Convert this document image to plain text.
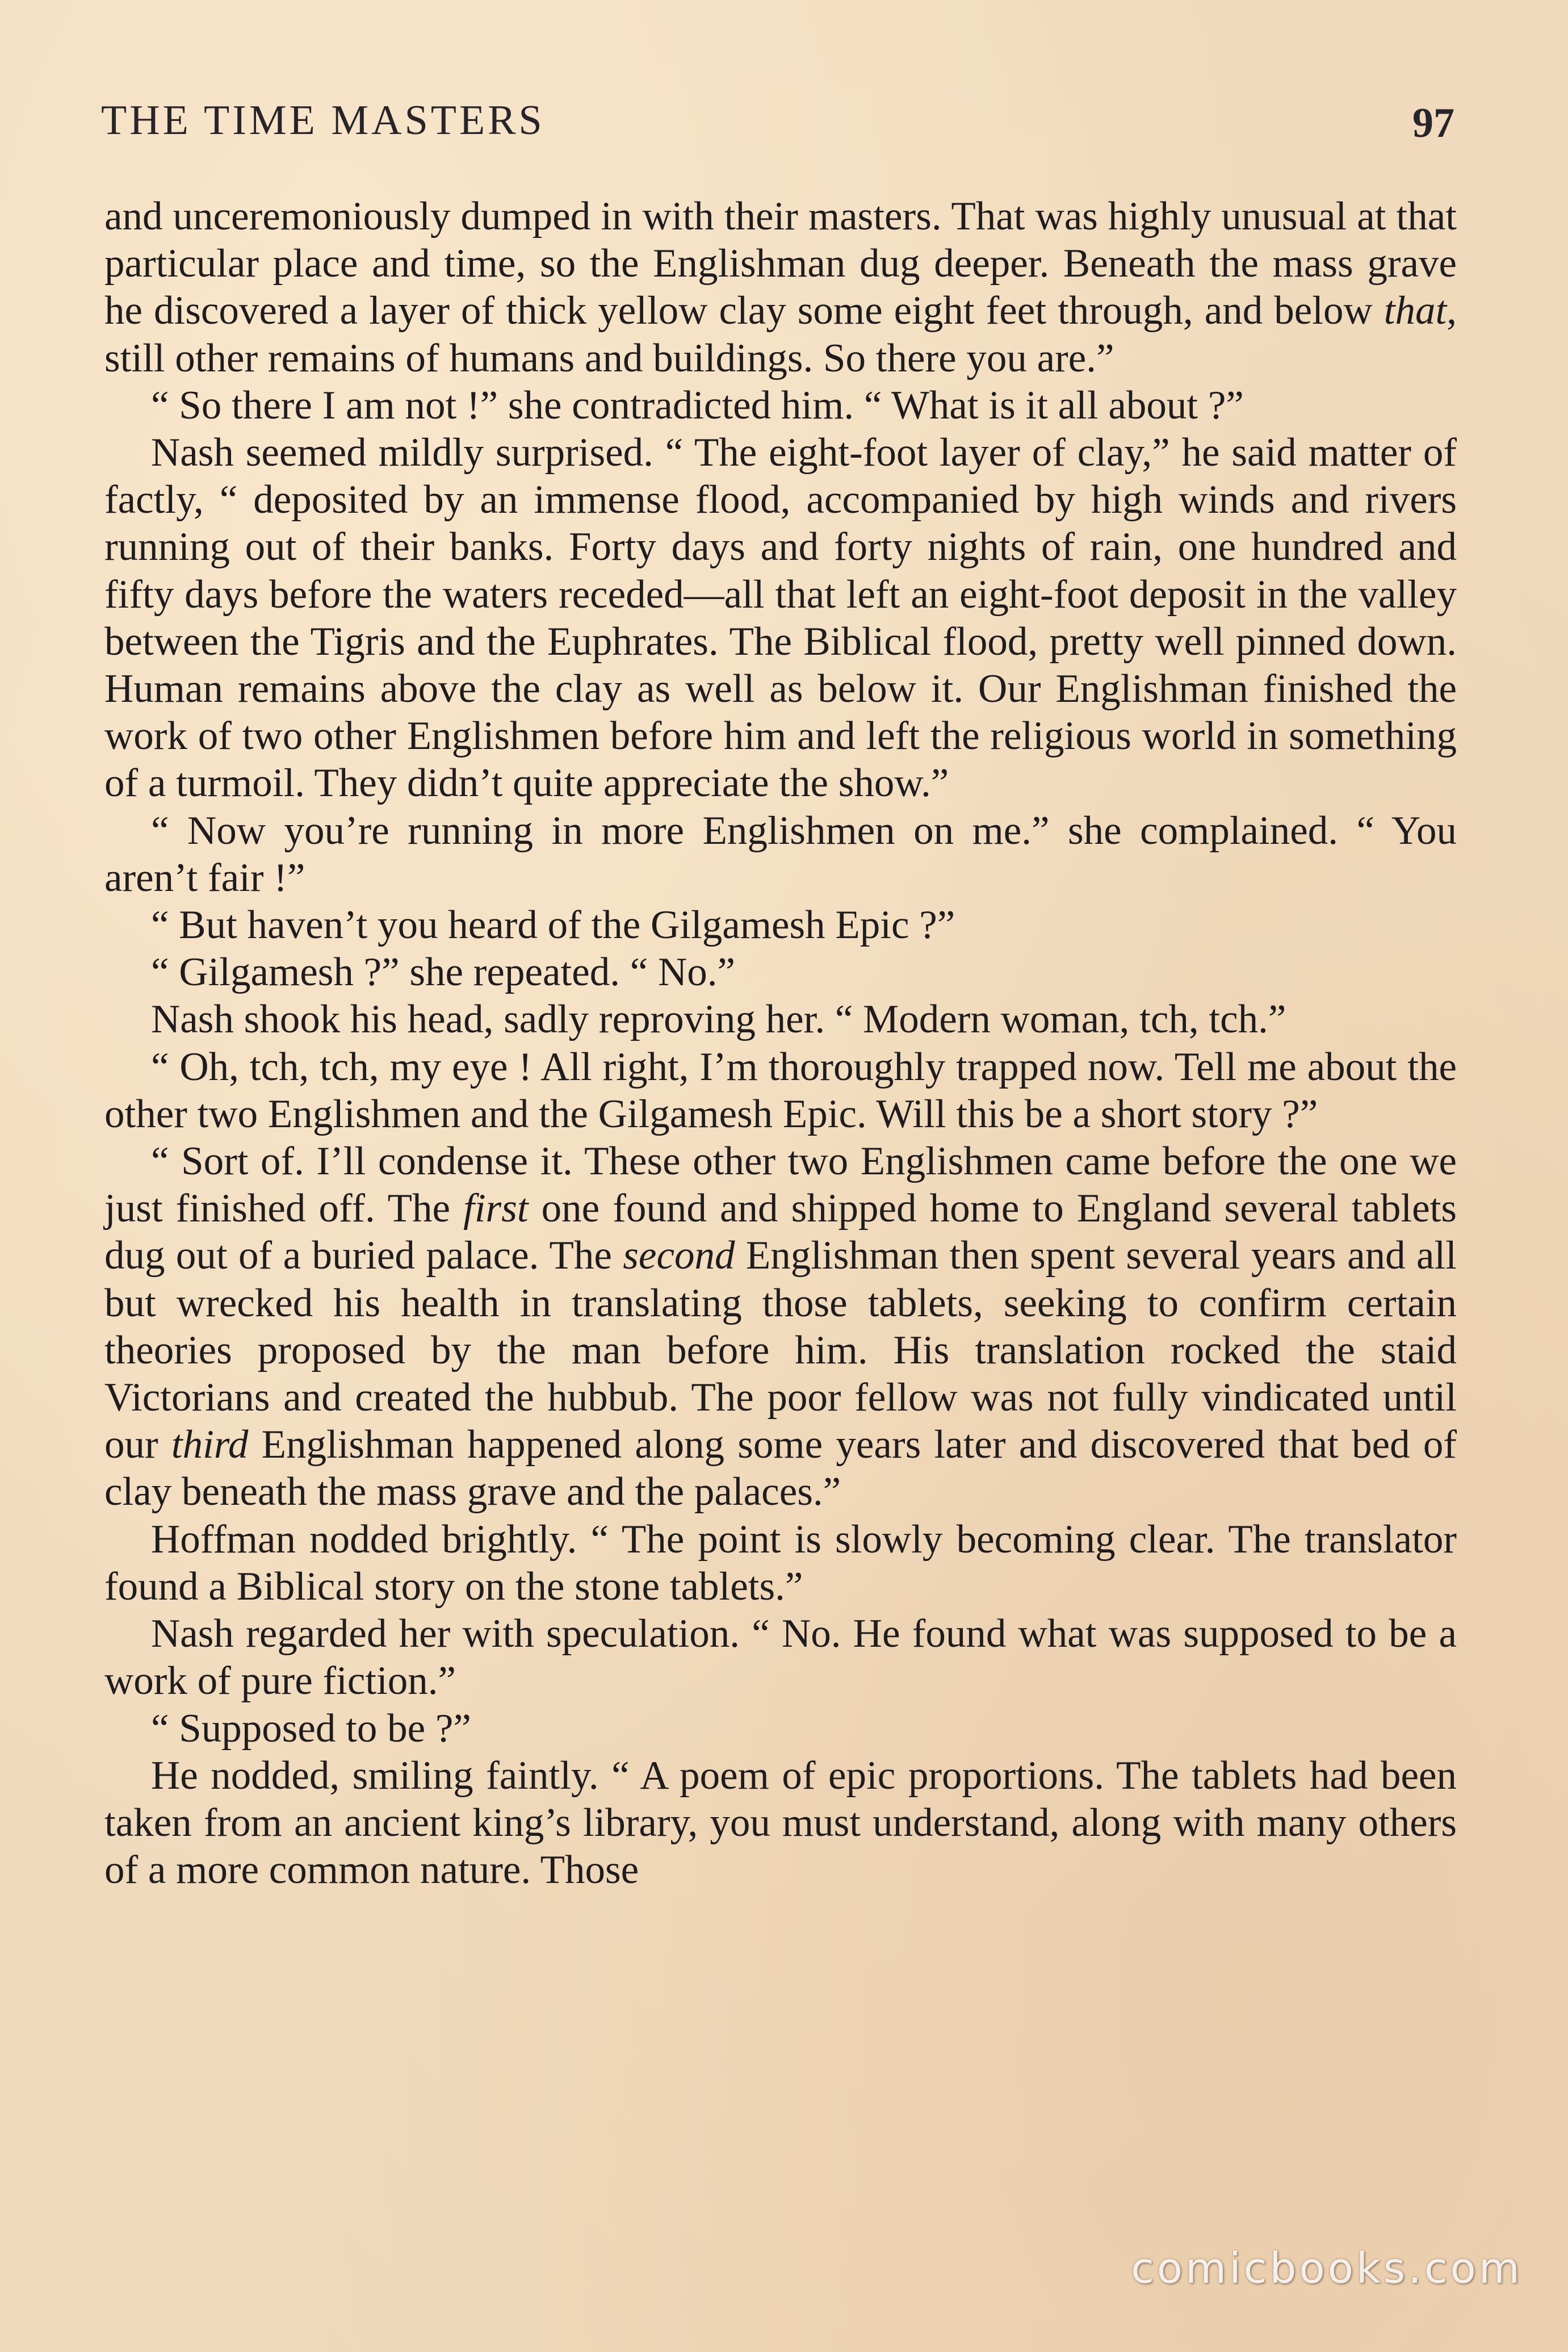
THE TIME MASTERS	97

and unceremoniously dumped in with their masters. That was highly unusual at that particular place and time, so the Englishman dug deeper. Beneath the mass grave he discovered a layer of thick yellow clay some eight feet through, and below that, still other remains of humans and buildings. So there you are.”

“ So there I am not !” she contradicted him. “ What is it all about ?”

Nash seemed mildly surprised. “ The eight-foot layer of clay,” he said matter of factly, “ deposited by an immense flood, accompanied by high winds and rivers running out of their banks. Forty days and forty nights of rain, one hundred and fifty days before the waters receded—all that left an eight-foot deposit in the valley between the Tigris and the Euphrates. The Biblical flood, pretty well pinned down. Human remains above the clay as well as below it. Our Englishman finished the work of two other Englishmen before him and left the religious world in something of a turmoil. They didn’t quite appreciate the show.”

“ Now you’re running in more Englishmen on me.” she complained. “ You aren’t fair !”

“ But haven’t you heard of the Gilgamesh Epic ?”

“ Gilgamesh ?” she repeated. “ No.”

Nash shook his head, sadly reproving her. “ Modern woman, tch, tch.”

“ Oh, tch, tch, my eye ! All right, I’m thoroughly trapped now. Tell me about the other two Englishmen and the Gilgamesh Epic. Will this be a short story ?”

“ Sort of. I’ll condense it. These other two Englishmen came before the one we just finished off. The first one found and shipped home to England several tablets dug out of a buried palace. The second Englishman then spent several years and all but wrecked his health in translating those tablets, seeking to confirm certain theories proposed by the man before him. His translation rocked the staid Victorians and created the hubbub. The poor fellow was not fully vindicated until our third Englishman happened along some years later and discovered that bed of clay beneath the mass grave and the palaces.”

Hoffman nodded brightly. “ The point is slowly becoming clear. The translator found a Biblical story on the stone tablets.”

Nash regarded her with speculation. “ No. He found what was supposed to be a work of pure fiction.”

“ Supposed to be ?”

He nodded, smiling faintly. “ A poem of epic proportions. The tablets had been taken from an ancient king’s library, you must understand, along with many others of a more common nature. Those

comicbooks.com
